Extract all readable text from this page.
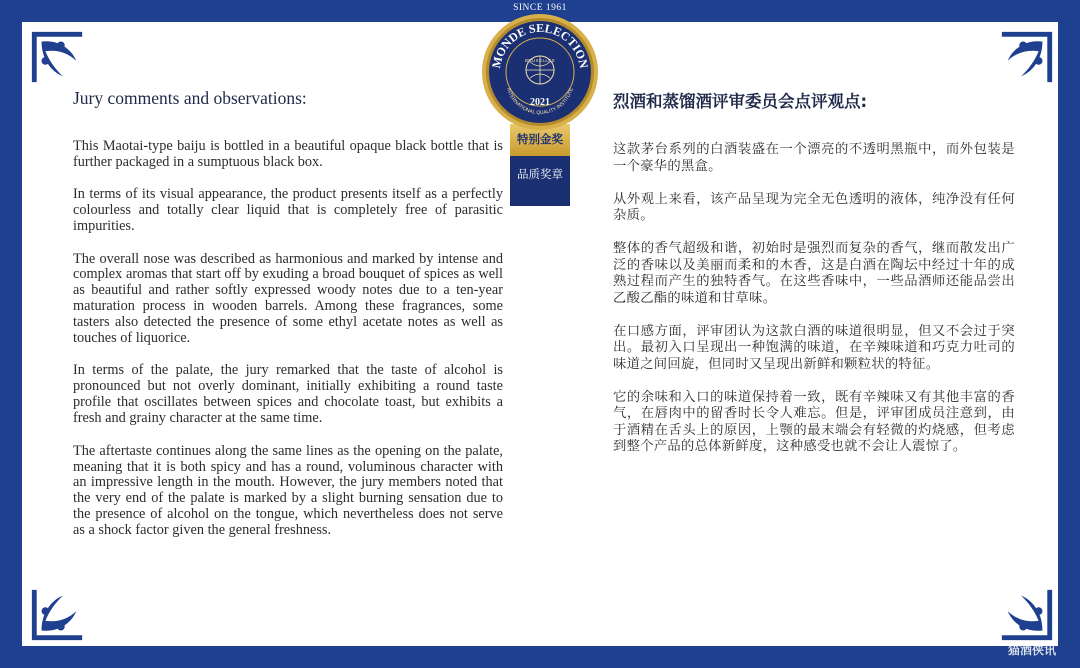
Jury comments and observations:

This Maotai-type baiju is bottled in a beautiful opaque black bottle that is further packaged in a sumptuous black box.

In terms of its visual appearance, the product presents itself as a perfectly colourless and totally clear liquid that is completely free of parasitic impurities.

The overall nose was described as harmonious and marked by intense and complex aromas that start off by exuding a broad bouquet of spices as well as beautiful and rather softly expressed woody notes due to a ten-year maturation process in wooden barrels. Among these fragrances, some tasters also detected the presence of some ethyl acetate notes as well as touches of liquorice.

In terms of the palate, the jury remarked that the taste of alcohol is pronounced but not overly dominant, initially exhibiting a round taste profile that oscillates between spices and chocolate toast, but exhibits a fresh and grainy character at the same time.

The aftertaste continues along the same lines as the opening on the palate, meaning that it is both spicy and has a round, voluminous character with an impressive length in the mouth. However, the jury members noted that the very end of the palate is marked by a slight burning sensation due to the presence of alcohol on the tongue, which nevertheless does not serve as a shock factor given the general freshness.

烈酒和蒸馏酒评审委员会点评观点:

这款茅台系列的白酒装盛在一个漂亮的不透明黑瓶中，而外包装是一个豪华的黑盒。

从外观上来看，该产品呈现为完全无色透明的液体，纯净没有任何杂质。

整体的香气超级和谐，初始时是强烈而复杂的香气，继而散发出广泛的香味以及美丽而柔和的木香，这是白酒在陶坛中经过十年的成熟过程而产生的独特香气。在这些香味中，一些品酒师还能品尝出乙酸乙酯的味道和甘草味。

在口感方面，评审团认为这款白酒的味道很明显，但又不会过于突出。最初入口呈现出一种饱满的味道，在辛辣味道和巧克力吐司的味道之间回旋，但同时又呈现出新鲜和颗粒状的特征。

它的余味和入口的味道保持着一致，既有辛辣味又有其他丰富的香气，在唇肉中的留香时长令人难忘。但是，评审团成员注意到，由于酒精在舌头上的原因，上颚的最末端会有轻微的灼烧感，但考虑到整个产品的总体新鲜度，这种感受也就不会让人震惊了。

MONDE SELECTION
INTERNATIONAL QUALITY INSTITUTE
SINCE 1961
BRUXELLES
2021
特别金奖
品质奖章
猫酒侠讯
